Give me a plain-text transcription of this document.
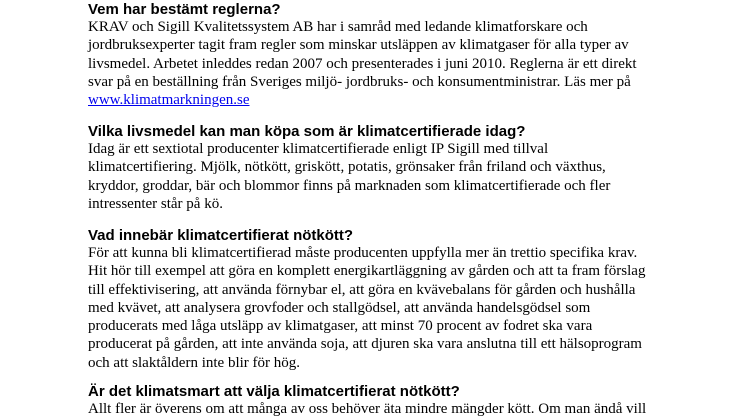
Vem har bestämt reglerna?

KRAV och Sigill Kvalitetssystem AB har i samråd med ledande klimatforskare och
jordbruksexperter tagit fram regler som minskar utsläppen av klimatgaser för alla typer av
livsmedel. Arbetet inleddes redan 2007 och presenterades i juni 2010. Reglerna är ett direkt
svar på en beställning från Sveriges miljö- jordbruks- och konsumentministrar. Läs mer på
www.klimatmarkningen.se

Vilka livsmedel kan man köpa som är klimatcertifierade idag?

Idag är ett sextiotal producenter klimatcertifierade enligt IP Sigill med tillval
klimatcertifiering. Mjölk, nötkött, griskött, potatis, grönsaker från friland och växthus,
kryddor, groddar, bär och blommor finns på marknaden som klimatcertifierade och fler
intressenter står på kö.

Vad innebär klimatcertifierat nötkött?

För att kunna bli klimatcertifierad måste producenten uppfylla mer än trettio specifika krav.
Hit hör till exempel att göra en komplett energikartläggning av gården och att ta fram förslag
till effektivisering, att använda förnybar el, att göra en kvävebalans för gården och hushålla
med kvävet, att analysera grovfoder och stallgödsel, att använda handelsgödsel som
producerats med låga utsläpp av klimatgaser, att minst 70 procent av fodret ska vara
producerat på gården, att inte använda soja, att djuren ska vara anslutna till ett hälsoprogram
och att slaktåldern inte blir för hög.

Är det klimatsmart att välja klimatcertifierat nötkött?

Allt fler är överens om att många av oss behöver äta mindre mängder kött. Om man ändå vill
